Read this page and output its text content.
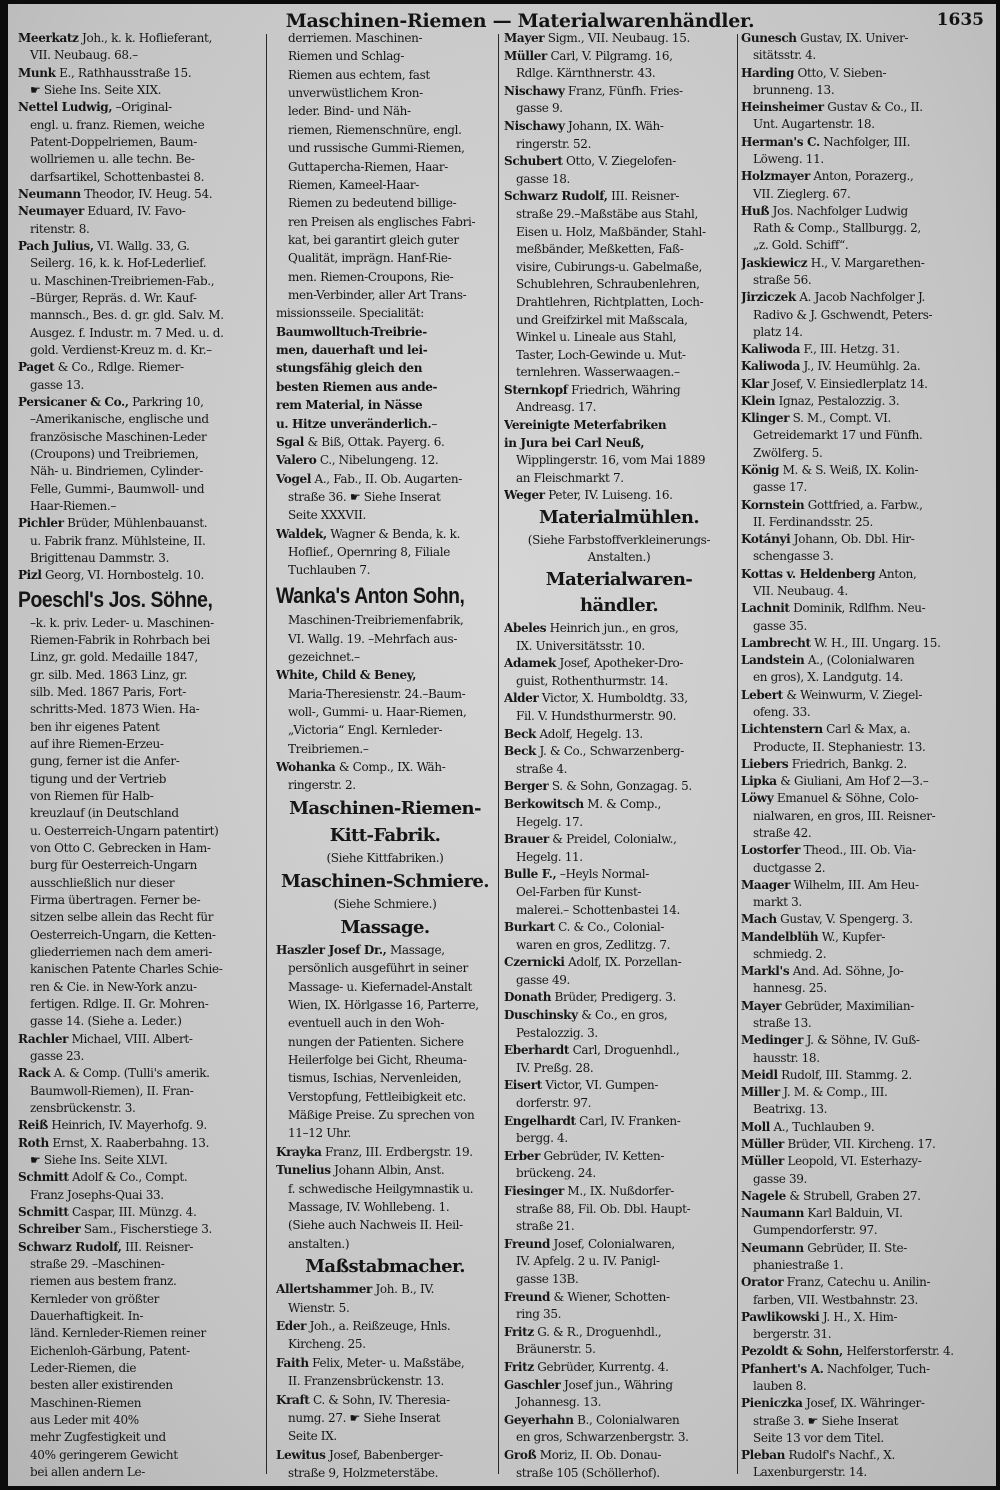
Maschinen-Riemen — Materialwarenhändler.	1635
Meerkatz Joh., k. k. Hoflieferant,
VII. Neubaug. 68.–
Munk E., Rathhausstraße 15.
☛ Siehe Ins. Seite XIX.
Nettel Ludwig, –Original-
engl. u. franz. Riemen, weiche
Patent-Doppelriemen, Baum-
wollriemen u. alle techn. Be-
darfsartikel, Schottenbastei 8.
Neumann Theodor, IV. Heug. 54.
Neumayer Eduard, IV. Favo-
ritenstr. 8.
Pach Julius, VI. Wallg. 33, G.
Seilerg. 16, k. k. Hof-Lederlief.
u. Maschinen-Treibriemen-Fab.,
–Bürger, Repräs. d. Wr. Kauf-
mannsch., Bes. d. gr. gld. Salv. M.
Ausgez. f. Industr. m. 7 Med. u. d.
gold. Verdienst-Kreuz m. d. Kr.–
Paget & Co., Rdlge. Riemer-
gasse 13.
Persicaner & Co., Parkring 10,
–Amerikanische, englische und
französische Maschinen-Leder
(Croupons) und Treibriemen,
Näh- u. Bindriemen, Cylinder-
Felle, Gummi-, Baumwoll- und
Haar-Riemen.–
Pichler Brüder, Mühlenbauanst.
u. Fabrik franz. Mühlsteine, II.
Brigittenau Dammstr. 3.
Pizl Georg, VI. Hornbostelg. 10.
Poeschl's Jos. Söhne,
–k. k. priv. Leder- u. Maschinen-
Riemen-Fabrik in Rohrbach bei
Linz, gr. gold. Medaille 1847,
gr. silb. Med. 1863 Linz, gr.
silb. Med. 1867 Paris, Fort-
schritts-Med. 1873 Wien. Ha-
ben ihr eigenes Patent
auf ihre Riemen-Erzeu-
gung, ferner ist die Anfer-
tigung und der Vertrieb
von Riemen für Halb-
kreuzlauf (in Deutschland
u. Oesterreich-Ungarn patentirt)
von Otto C. Gebrecken in Ham-
burg für Oesterreich-Ungarn
ausschließlich nur dieser
Firma übertragen. Ferner be-
sitzen selbe allein das Recht für
Oesterreich-Ungarn, die Ketten-
gliederriemen nach dem ameri-
kanischen Patente Charles Schie-
ren & Cie. in New-York anzu-
fertigen. Rdlge. II. Gr. Mohren-
gasse 14. (Siehe a. Leder.)
Rachler Michael, VIII. Albert-
gasse 23.
Rack A. & Comp. (Tulli's amerik.
Baumwoll-Riemen), II. Fran-
zensbrückenstr. 3.
Reiß Heinrich, IV. Mayerhofg. 9.
Roth Ernst, X. Raaberbahng. 13.
☛ Siehe Ins. Seite XLVI.
Schmitt Adolf & Co., Compt.
Franz Josephs-Quai 33.
Schmitt Caspar, III. Münzg. 4.
Schreiber Sam., Fischerstiege 3.
Schwarz Rudolf, III. Reisner-
straße 29. –Maschinen-
riemen aus bestem franz.
Kernleder von größter
Dauerhaftigkeit. In-
länd. Kernleder-Riemen reiner
Eichenloh-Gärbung, Patent-
Leder-Riemen, die
besten aller existirenden
Maschinen-Riemen
aus Leder mit 40%
mehr Zugfestigkeit und
40% geringerem Gewicht
bei allen andern Le-
derriemen. Maschinen-
Riemen und Schlag-
Riemen aus echtem, fast
unverwüstlichem Kron-
leder. Bind- und Näh-
riemen, Riemenschnüre, engl.
und russische Gummi-Riemen,
Guttapercha-Riemen, Haar-
Riemen, Kameel-Haar-
Riemen zu bedeutend billige-
ren Preisen als englisches Fabri-
kat, bei garantirt gleich guter
Qualität, imprägn. Hanf-Rie-
men. Riemen-Croupons, Rie-
men-Verbinder, aller Art Trans-
missionsseile. Specialität:
Baumwolltuch-Treibrie-
men, dauerhaft und lei-
stungsfähig gleich den
besten Riemen aus ande-
rem Material, in Nässe
u. Hitze unveränderlich.–
Sgal & Biß, Ottak. Payerg. 6.
Valero C., Nibelungeng. 12.
Vogel A., Fab., II. Ob. Augarten-
straße 36. ☛ Siehe Inserat
Seite XXXVII.
Waldek, Wagner & Benda, k. k.
Hoflief., Opernring 8, Filiale
Tuchlauben 7.
Wanka's Anton Sohn,
Maschinen-Treibriemenfabrik,
VI. Wallg. 19. –Mehrfach aus-
gezeichnet.–
White, Child & Beney,
Maria-Theresienstr. 24.–Baum-
woll-, Gummi- u. Haar-Riemen,
„Victoria“ Engl. Kernleder-
Treibriemen.–
Wohanka & Comp., IX. Wäh-
ringerstr. 2.
Maschinen-Riemen-
Kitt-Fabrik.
(Siehe Kittfabriken.)
Maschinen-Schmiere.
(Siehe Schmiere.)
Massage.
Haszler Josef Dr., Massage,
persönlich ausgeführt in seiner
Massage- u. Kiefernadel-Anstalt
Wien, IX. Hörlgasse 16, Parterre,
eventuell auch in den Woh-
nungen der Patienten. Sichere
Heilerfolge bei Gicht, Rheuma-
tismus, Ischias, Nervenleiden,
Verstopfung, Fettleibigkeit etc.
Mäßige Preise. Zu sprechen von
11–12 Uhr.
Krayka Franz, III. Erdbergstr. 19.
Tunelius Johann Albin, Anst.
f. schwedische Heilgymnastik u.
Massage, IV. Wohllebeng. 1.
(Siehe auch Nachweis II. Heil-
anstalten.)
Maßstabmacher.
Allertshammer Joh. B., IV.
Wienstr. 5.
Eder Joh., a. Reißzeuge, Hnls.
Kircheng. 25.
Faith Felix, Meter- u. Maßstäbe,
II. Franzensbrückenstr. 13.
Kraft C. & Sohn, IV. Theresia-
numg. 27. ☛ Siehe Inserat
Seite IX.
Lewitus Josef, Babenberger-
straße 9, Holzmeterstäbe.
Mayer Sigm., VII. Neubaug. 15.
Müller Carl, V. Pilgramg. 16,
Rdlge. Kärnthnerstr. 43.
Nischawy Franz, Fünfh. Fries-
gasse 9.
Nischawy Johann, IX. Wäh-
ringerstr. 52.
Schubert Otto, V. Ziegelofen-
gasse 18.
Schwarz Rudolf, III. Reisner-
straße 29.–Maßstäbe aus Stahl,
Eisen u. Holz, Maßbänder, Stahl-
meßbänder, Meßketten, Faß-
visire, Cubirungs-u. Gabelmaße,
Schublehren, Schraubenlehren,
Drahtlehren, Richtplatten, Loch-
und Greifzirkel mit Maßscala,
Winkel u. Lineale aus Stahl,
Taster, Loch-Gewinde u. Mut-
ternlehren. Wasserwaagen.–
Sternkopf Friedrich, Währing
Andreasg. 17.
Vereinigte Meterfabriken
in Jura bei Carl Neuß,
Wipplingerstr. 16, vom Mai 1889
an Fleischmarkt 7.
Weger Peter, IV. Luiseng. 16.
Materialmühlen.
(Siehe Farbstoffverkleinerungs-
Anstalten.)
Materialwaren-
händler.
Abeles Heinrich jun., en gros,
IX. Universitätsstr. 10.
Adamek Josef, Apotheker-Dro-
guist, Rothenthurmstr. 14.
Alder Victor, X. Humboldtg. 33,
Fil. V. Hundsthurmerstr. 90.
Beck Adolf, Hegelg. 13.
Beck J. & Co., Schwarzenberg-
straße 4.
Berger S. & Sohn, Gonzagag. 5.
Berkowitsch M. & Comp.,
Hegelg. 17.
Brauer & Preidel, Colonialw.,
Hegelg. 11.
Bulle F., –Heyls Normal-
Oel-Farben für Kunst-
malerei.– Schottenbastei 14.
Burkart C. & Co., Colonial-
waren en gros, Zedlitzg. 7.
Czernicki Adolf, IX. Porzellan-
gasse 49.
Donath Brüder, Predigerg. 3.
Duschinsky & Co., en gros,
Pestalozzig. 3.
Eberhardt Carl, Droguenhdl.,
IV. Preßg. 28.
Eisert Victor, VI. Gumpen-
dorferstr. 97.
Engelhardt Carl, IV. Franken-
bergg. 4.
Erber Gebrüder, IV. Ketten-
brückeng. 24.
Fiesinger M., IX. Nußdorfer-
straße 88, Fil. Ob. Dbl. Haupt-
straße 21.
Freund Josef, Colonialwaren,
IV. Apfelg. 2 u. IV. Panigl-
gasse 13B.
Freund & Wiener, Schotten-
ring 35.
Fritz G. & R., Droguenhdl.,
Bräunerstr. 5.
Fritz Gebrüder, Kurrentg. 4.
Gaschler Josef jun., Währing
Johannesg. 13.
Geyerhahn B., Colonialwaren
en gros, Schwarzenbergstr. 3.
Groß Moriz, II. Ob. Donau-
straße 105 (Schöllerhof).
Gunesch Gustav, IX. Univer-
sitätsstr. 4.
Harding Otto, V. Sieben-
brunneng. 13.
Heinsheimer Gustav & Co., II.
Unt. Augartenstr. 18.
Herman's C. Nachfolger, III.
Löweng. 11.
Holzmayer Anton, Porazerg.,
VII. Zieglerg. 67.
Huß Jos. Nachfolger Ludwig
Rath & Comp., Stallburgg. 2,
„z. Gold. Schiff“.
Jaskiewicz H., V. Margarethen-
straße 56.
Jirziczek A. Jacob Nachfolger J.
Radivo & J. Gschwendt, Peters-
platz 14.
Kaliwoda F., III. Hetzg. 31.
Kaliwoda J., IV. Heumühlg. 2a.
Klar Josef, V. Einsiedlerplatz 14.
Klein Ignaz, Pestalozzig. 3.
Klinger S. M., Compt. VI.
Getreidemarkt 17 und Fünfh.
Zwölferg. 5.
König M. & S. Weiß, IX. Kolin-
gasse 17.
Kornstein Gottfried, a. Farbw.,
II. Ferdinandsstr. 25.
Kotányi Johann, Ob. Dbl. Hir-
schengasse 3.
Kottas v. Heldenberg Anton,
VII. Neubaug. 4.
Lachnit Dominik, Rdlfhm. Neu-
gasse 35.
Lambrecht W. H., III. Ungarg. 15.
Landstein A., (Colonialwaren
en gros), X. Landgutg. 14.
Lebert & Weinwurm, V. Ziegel-
ofeng. 33.
Lichtenstern Carl & Max, a.
Producte, II. Stephaniestr. 13.
Liebers Friedrich, Bankg. 2.
Lipka & Giuliani, Am Hof 2—3.–
Löwy Emanuel & Söhne, Colo-
nialwaren, en gros, III. Reisner-
straße 42.
Lostorfer Theod., III. Ob. Via-
ductgasse 2.
Maager Wilhelm, III. Am Heu-
markt 3.
Mach Gustav, V. Spengerg. 3.
Mandelblüh W., Kupfer-
schmiedg. 2.
Markl's And. Ad. Söhne, Jo-
hannesg. 25.
Mayer Gebrüder, Maximilian-
straße 13.
Medinger J. & Söhne, IV. Guß-
hausstr. 18.
Meidl Rudolf, III. Stammg. 2.
Miller J. M. & Comp., III.
Beatrixg. 13.
Moll A., Tuchlauben 9.
Müller Brüder, VII. Kircheng. 17.
Müller Leopold, VI. Esterhazy-
gasse 39.
Nagele & Strubell, Graben 27.
Naumann Karl Balduin, VI.
Gumpendorferstr. 97.
Neumann Gebrüder, II. Ste-
phaniestraße 1.
Orator Franz, Catechu u. Anilin-
farben, VII. Westbahnstr. 23.
Pawlikowski J. H., X. Him-
bergerstr. 31.
Pezoldt & Sohn, Helferstorferstr. 4.
Pfanhert's A. Nachfolger, Tuch-
lauben 8.
Pieniczka Josef, IX. Währinger-
straße 3. ☛ Siehe Inserat
Seite 13 vor dem Titel.
Pleban Rudolf's Nachf., X.
Laxenburgerstr. 14.
